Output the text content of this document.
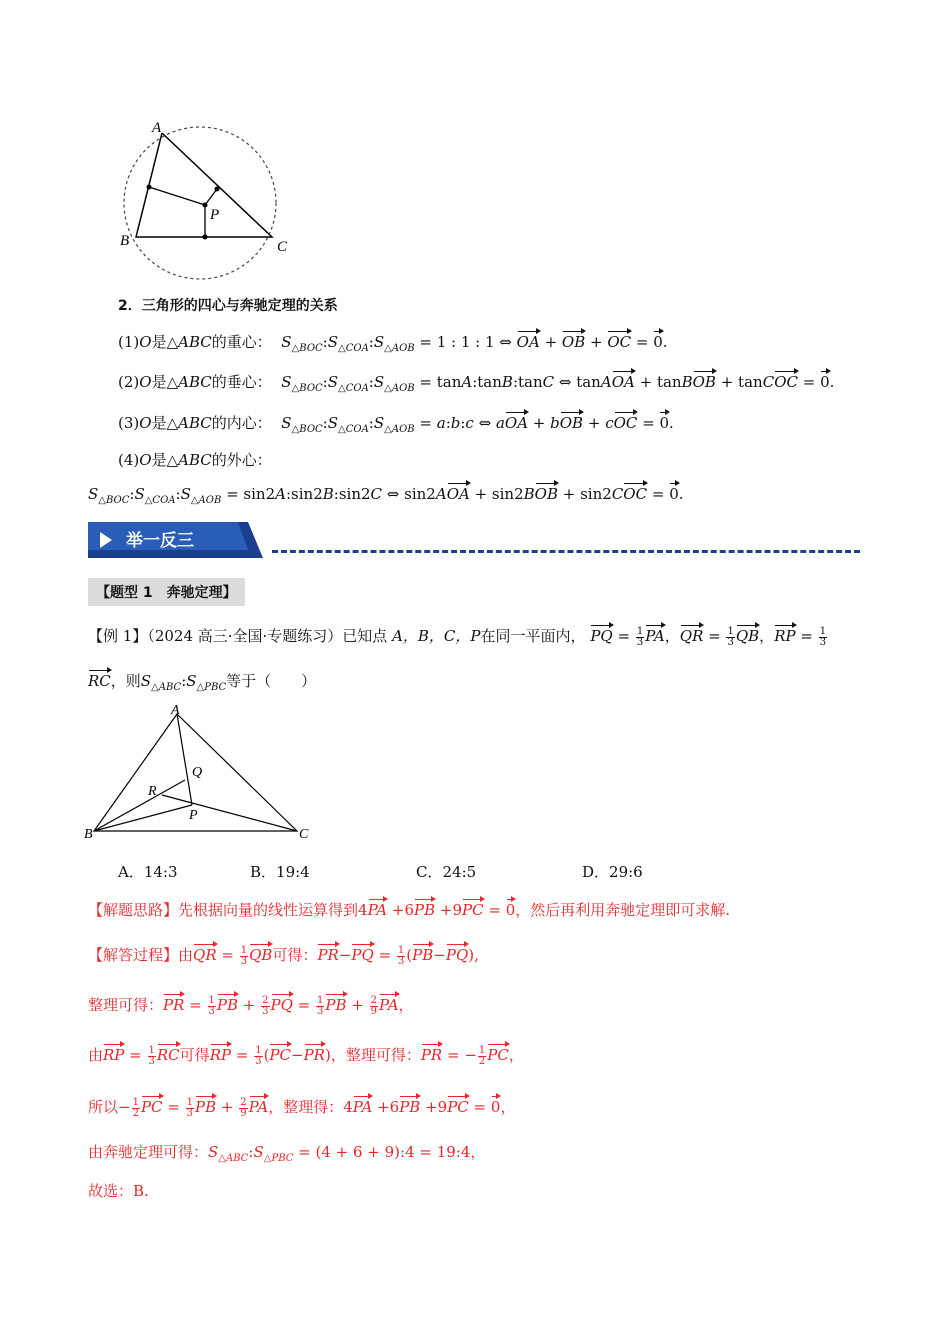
A
B	C
P
2．三角形的四心与奔驰定理的关系
(1)O是△ABC的重心： $S_{\triangle BOC}:S_{\triangle COA}:S_{\triangle AOB} = 1$ : 1 : 1 ⇔ OA + OB + OC = 0.
(2)O是△ABC的垂心： $S_{\triangle BOC}:S_{\triangle COA}:S_{\triangle AOB}$ = tanA:tanB:tanC ⇔ tanAOA + tanBOB + tanCOC = 0.
(3)O是△ABC的内心： $S_{\triangle BOC}:S_{\triangle COA}:S_{\triangle AOB}$ = a:b:c ⇔ aOA + bOB + cOC = 0.
(4)O是△ABC的外心：
$S_{\triangle BOC}:S_{\triangle COA}:S_{\triangle AOB}$ = sin2A:sin2B:sin2C ⇔ sin2AOA + sin2BOB + sin2COC = 0.
举一反三
【题型 1　奔驰定理】
【例 1】（2024 高三·全国·专题练习）已知点 A，B，C，P在同一平面内， PQ = $\frac{1}{3}$ PA，QR = $\frac{1}{3}$ QB，RP = $\frac{1}{3}$
RC，则$S_{\triangle ABC}:S_{\triangle PBC}$等于（　　）
A
B	C
Q
R
P
A．14:3	B．19:4	C．24:5	D．29:6
【解题思路】先根据向量的线性运算得到4PA +6PB +9PC = 0，然后再利用奔驰定理即可求解.
【解答过程】由QR = $\frac{1}{3}$ QB可得：$PR-PQ = \frac{1}{3} (PB-PQ)$,
整理可得：PR = $\frac{1}{3}$ PB + $\frac{2}{3}$ PQ = $\frac{1}{3}$ PB + $\frac{2}{9}$ PA，
由RP = $\frac{1}{3}$ RC可得RP = $\frac{1}{3} (PC-PR)$，整理可得：PR = − $\frac{1}{2}$ PC，
所以− $\frac{1}{2}$ PC = $\frac{1}{3}$ PB + $\frac{2}{9}$ PA，整理得：4PA +6PB +9PC = 0，
由奔驰定理可得：$S_{\triangle ABC}:S_{\triangle PBC} = (4 + 6$ + 9):4 = 19:4，
故选：B.
